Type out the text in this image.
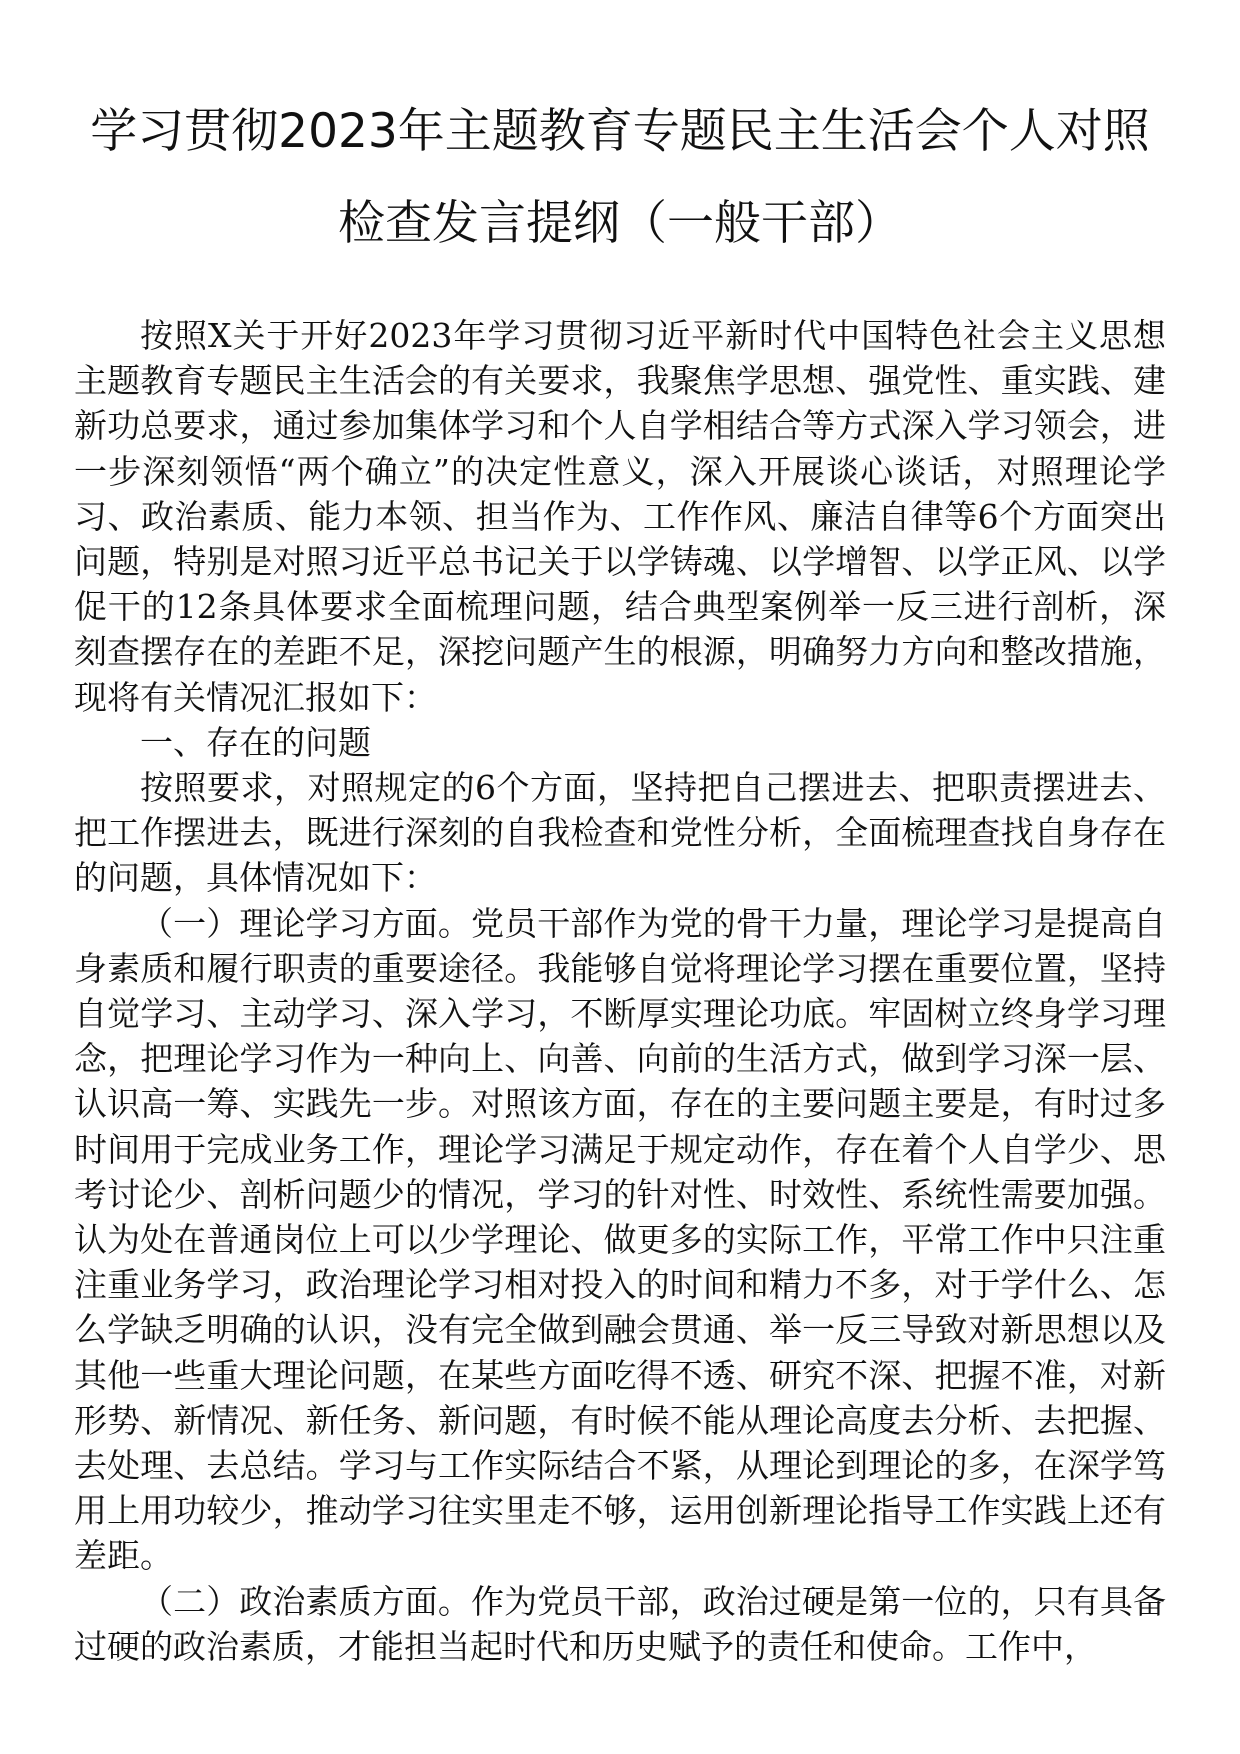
学习贯彻2023年主题教育专题民主生活会个人对照
检查发言提纲（一般干部）

按照X关于开好2023年学习贯彻习近平新时代中国特色社会主义思想主题教育专题民主生活会的有关要求，我聚焦学思想、强党性、重实践、建新功总要求，通过参加集体学习和个人自学相结合等方式深入学习领会，进一步深刻领悟“两个确立”的决定性意义，深入开展谈心谈话，对照理论学习、政治素质、能力本领、担当作为、工作作风、廉洁自律等6个方面突出问题，特别是对照习近平总书记关于以学铸魂、以学增智、以学正风、以学促干的12条具体要求全面梳理问题，结合典型案例举一反三进行剖析，深刻查摆存在的差距不足，深挖问题产生的根源，明确努力方向和整改措施，现将有关情况汇报如下：

一、存在的问题

按照要求，对照规定的6个方面，坚持把自己摆进去、把职责摆进去、把工作摆进去，既进行深刻的自我检查和党性分析，全面梳理查找自身存在的问题，具体情况如下：

（一）理论学习方面。党员干部作为党的骨干力量，理论学习是提高自身素质和履行职责的重要途径。我能够自觉将理论学习摆在重要位置，坚持自觉学习、主动学习、深入学习，不断厚实理论功底。牢固树立终身学习理念，把理论学习作为一种向上、向善、向前的生活方式，做到学习深一层、认识高一筹、实践先一步。对照该方面，存在的主要问题主要是，有时过多时间用于完成业务工作，理论学习满足于规定动作，存在着个人自学少、思考讨论少、剖析问题少的情况，学习的针对性、时效性、系统性需要加强。认为处在普通岗位上可以少学理论、做更多的实际工作，平常工作中只注重注重业务学习，政治理论学习相对投入的时间和精力不多，对于学什么、怎么学缺乏明确的认识，没有完全做到融会贯通、举一反三导致对新思想以及其他一些重大理论问题，在某些方面吃得不透、研究不深、把握不准，对新形势、新情况、新任务、新问题，有时候不能从理论高度去分析、去把握、去处理、去总结。学习与工作实际结合不紧，从理论到理论的多，在深学笃用上用功较少，推动学习往实里走不够，运用创新理论指导工作实践上还有差距。

（二）政治素质方面。作为党员干部，政治过硬是第一位的，只有具备过硬的政治素质，才能担当起时代和历史赋予的责任和使命。工作中，
